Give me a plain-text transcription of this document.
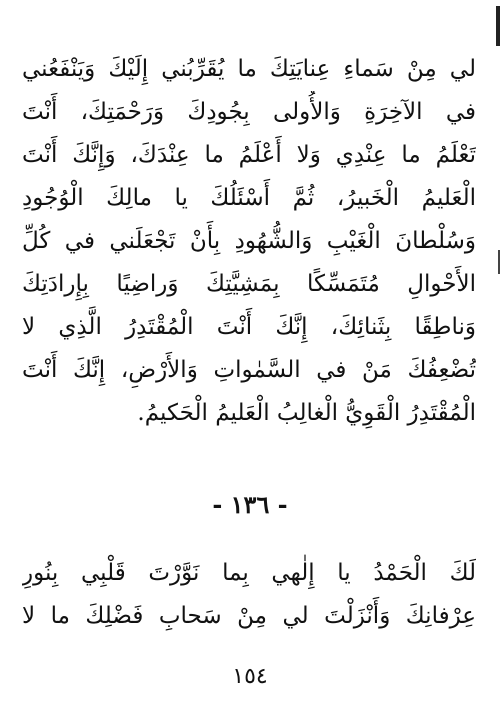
لي مِنْ سَماءِ عِنايَتِكَ ما يُقَرِّبُني إِلَيْكَ وَيَنْفَعُني
في الآخِرَةِ وَالأُولى بِجُودِكَ وَرَحْمَتِكَ، أَنْتَ
تَعْلَمُ ما عِنْدِي وَلا أَعْلَمُ ما عِنْدَكَ، وَإِنَّكَ أَنْتَ
الْعَليمُ الْخَبيرُ، ثُمَّ أَسْئَلُكَ يا مالِكَ الْوُجُودِ
وَسُلْطانَ الْغَيْبِ وَالشُّهُودِ بِأَنْ تَجْعَلَني في كُلِّ
الأَحْوالِ مُتَمَسِّكًا بِمَشِيَّتِكَ وَراضِيًا بِإِرادَتِكَ
وَناطِقًا بِثَنائِكَ، إِنَّكَ أَنْتَ الْمُقْتَدِرُ الَّذِي لا
تُضْعِفُكَ مَنْ في السَّمٰواتِ وَالأَرْضِ، إِنَّكَ أَنْتَ
الْمُقْتَدِرُ الْقَوِيُّ الْغالِبُ الْعَليمُ الْحَكيمُ.
- ١٣٦ -
لَكَ الْحَمْدُ يا إِلٰهي بِما نَوَّرْتَ قَلْبِي بِنُورِ
عِرْفانِكَ وَأَنْزَلْتَ لي مِنْ سَحابِ فَضْلِكَ ما لا
١٥٤
